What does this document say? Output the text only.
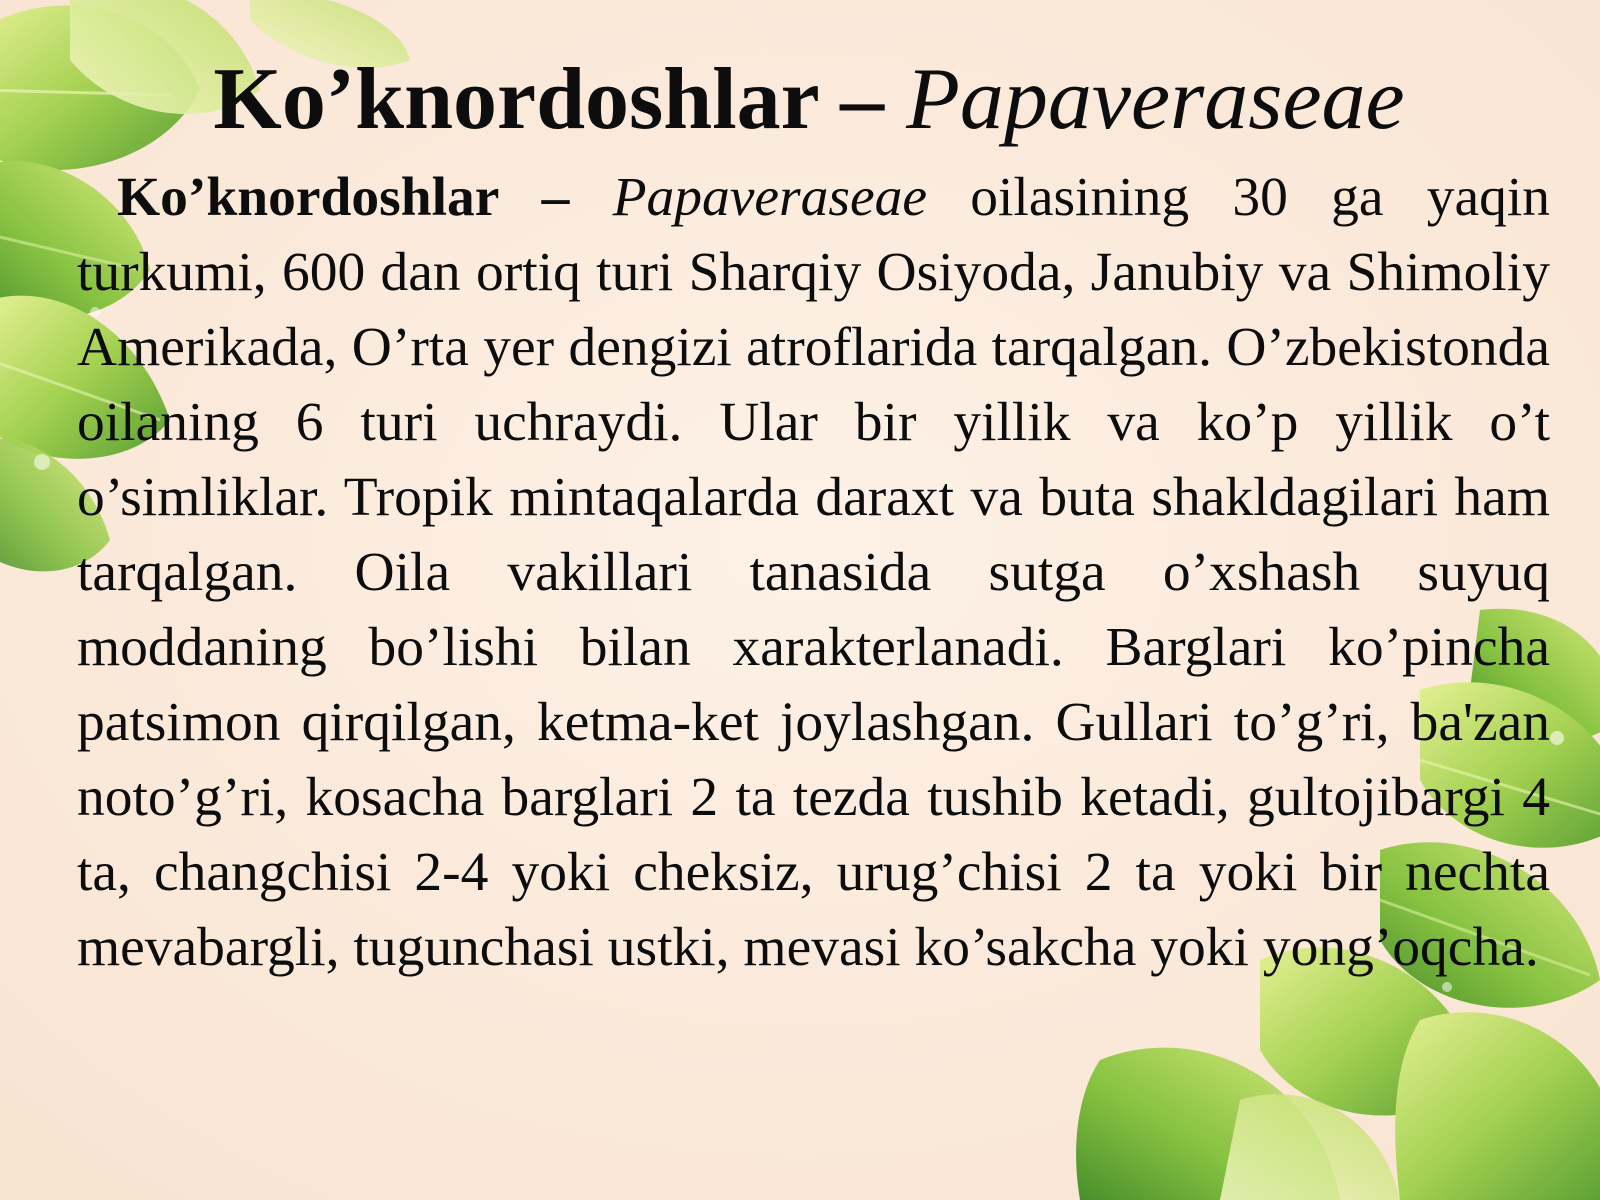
Ko’knordoshlar – Papaveraseae

Ko’knordoshlar – Papaveraseae oilasining 30 ga yaqin turkumi, 600 dan ortiq turi Sharqiy Osiyoda, Janubiy va Shimoliy Amerikada, O’rta yer dengizi atroflarida tarqalgan. O’zbekistonda oilaning 6 turi uchraydi. Ular bir yillik va ko’p yillik o’t o’simliklar. Tropik mintaqalarda daraxt va buta shakldagilari ham tarqalgan. Oila vakillari tanasida sutga o’xshash suyuq moddaning bo’lishi bilan xarakterlanadi. Barglari ko’pincha patsimon qirqilgan, ketma-ket joylashgan. Gullari to’g’ri, ba'zan noto’g’ri, kosacha barglari 2 ta tezda tushib ketadi, gultojibargi 4 ta, changchisi 2-4 yoki cheksiz, urug’chisi 2 ta yoki bir nechta mevabargli, tugunchasi ustki, mevasi ko’sakcha yoki yong’oqcha.
